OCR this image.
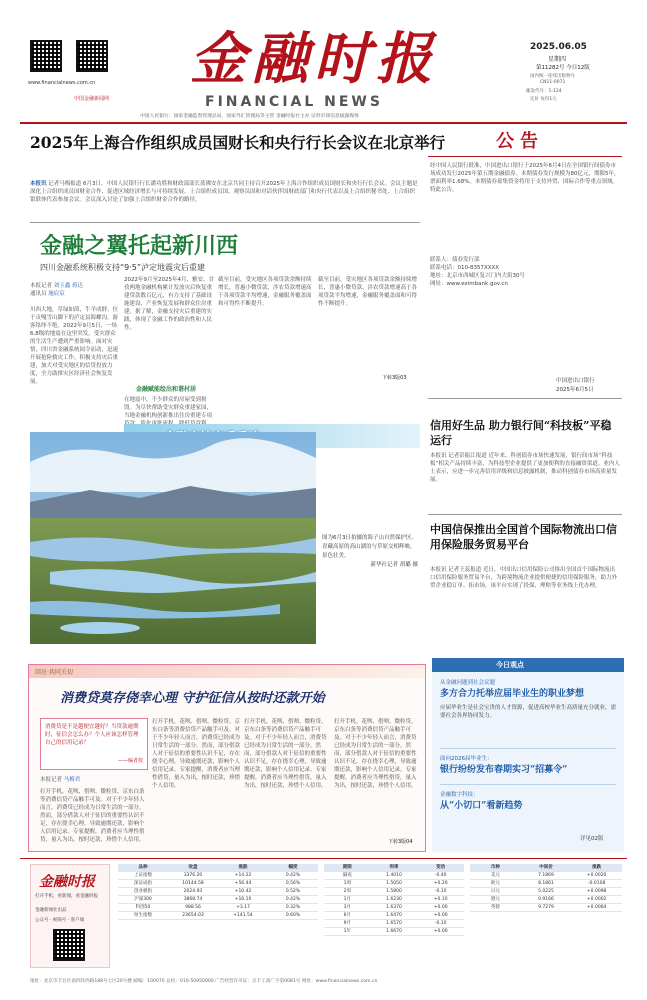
www.financialnews.com.cn
中国金融新闻网
金融时报
FINANCIAL NEWS
2025.06.05
星期四
第11282号 今日12版
国内统一连续出版物号
CN11-0071
邮发代号：1-124
定价 每份1元
中国人民银行、国家金融监督管理总局、国家外汇管理局等主管 金融时报社主办 证券市场信息披露媒体
2025年上海合作组织成员国财长和央行行长会议在北京举行
本报讯 记者马梅报道 6月3日，中国人民银行行长潘功胜和财政部部长蓝佛安在北京共同主持召开2025年上海合作组织成员国财长和央行行长会议。会议主题是深化上合组织成员国财金合作，促进区域经济增长与可持续发展。上合组织成员国、观察员国和对话伙伴国财政部门和央行代表以及上合组织秘书处、上合组织银联体代表参加会议。会议深入讨论了加强上合组织财金合作的路径。
金融之翼托起新川西
四川金融系统积极支持“9·5”泸定地震灾后重建
本报记者 刘玉鑫 蒋达
通讯员 施宸宸
川西大地，草绿如茵，牛羊成群。位于贡嘎雪山脚下的泸定县海螺沟，游客络绎不绝。2022年9月5日，一场6.8级的地震在这里突发，受灾群众的生活生产遭到严重影响。面对灾情，四川省金融系统闻令而动，迅速开展抢险救灾工作，积极支持灾后重建，加大对受灾地区的信贷投放力度，全力助推灾区经济社会恢复发展。
2022年9月至2025年4月，雅安、甘孜两地金融机构累计发放灾后恢复重建贷款数百亿元，有力支持了基础设施建设、产业恢复发展和群众住房重建。据了解，金融支持灾后重建的实践，体现了金融工作的政治性和人民性。
金融赋能绘出和谐村居
在地震中，不少群众的房屋受到损毁。为尽快帮助受灾群众重建家园，当地金融机构创新推出住房重建专项
截至目前，受灾地区各项贷款余额持续增长，普惠小微贷款、涉农贷款增速高于各项贷款平均增速，金融服务覆盖面和可得性不断提升。
截至目前，受灾地区各项贷款余额持续增长，普惠小微贷款、涉农贷款增速高于各项贷款平均增速，金融服务覆盖面和可得性不断提升。
下转3版03
图为6月3日拍摄的海子山自然保护区。青藏高原的高山湖泊与草原交相辉映，景色壮美。
新华社记者 胡璐 摄
公告
经中国人民银行批准，中国进出口银行于2025年6月4日在全国银行间债券市场成功发行2025年第五期金融债券。本期债券发行规模为80亿元，期限5年，票面利率1.68%。本期债券募集资金将用于支持外贸、国际合作等重点领域。特此公告。
联系人：债券发行部
联系电话：010-8357XXXX
地址：北京市西城区复兴门内大街30号
网址：www.eximbank.gov.cn
中国进出口银行
2025年6月5日
信用好生品 助力银行间“科技板”平稳运行
本报讯 记者彭振江报道 近年来，科创债券市场快速发展，银行间市场“科技板”相关产品持续丰富，为科技型企业提供了更加便利的直接融资渠道。业内人士表示，应进一步完善信用评级和信息披露机制，推动科创债券市场高质量发展。
中国信保推出全国首个国际物流出口信用保险服务贸易平台
本报讯 记者王蕊报道 近日，中国出口信用保险公司推出全国首个国际物流出口信用保险服务贸易平台，为跨境物流企业提供便捷的信用保险服务，助力外贸企业稳订单、拓市场。该平台实现了投保、理赔等业务线上化办理。
回应·共同关切
消费贷莫存侥幸心理 守护征信从按时还款开始
消费贷是不是越便宜越好？当贷款逾期时，征信会怎么办？个人应该怎样管理自己的信用记录？
——编者按
本报记者 马梅君
打开手机，花呗、借呗、微粒贷、京东白条等消费信贷产品触手可及。对于不少年轻人而言，消费贷已经成为日常生活的一部分。然而，部分借款人对于征信的重要性认识不足，存在侥幸心理，导致逾期还款，影响个人信用记录。专家提醒，消费者应当理性借贷，量入为出，按时还款，珍惜个人信用。
打开手机，花呗、借呗、微粒贷、京东白条等消费信贷产品触手可及。对于不少年轻人而言，消费贷已经成为日常生活的一部分。然而，部分借款人对于征信的重要性认识不足，存在侥幸心理，导致逾期还款，影响个人信用记录。专家提醒，消费者应当理性借贷，量入为出，按时还款，珍惜个人信用。
打开手机，花呗、借呗、微粒贷、京东白条等消费信贷产品触手可及。对于不少年轻人而言，消费贷已经成为日常生活的一部分。然而，部分借款人对于征信的重要性认识不足，存在侥幸心理，导致逾期还款，影响个人信用记录。专家提醒，消费者应当理性借贷，量入为出，按时还款，珍惜个人信用。
打开手机，花呗、借呗、微粒贷、京东白条等消费信贷产品触手可及。对于不少年轻人而言，消费贷已经成为日常生活的一部分。然而，部分借款人对于征信的重要性认识不足，存在侥幸心理，导致逾期还款，影响个人信用记录。专家提醒，消费者应当理性借贷，量入为出，按时还款，珍惜个人信用。
下转3版04
今日观点
从金融问题到社会议题
多方合力托举应届毕业生的职业梦想
应届毕业生是社会宝贵的人才资源，促进高校毕业生高质量充分就业，需要社会各界协同发力。
面向2026届毕业生：
银行纷纷发布春期实习“招募令”
金融数字科技：
从“小切口”看新趋势
详见02版
金融时报
打开手机，看新闻，看金融时报
金融新闻社出品
公众号 · 视频号 · 客户端
品种	收盘	涨跌	幅度
上证指数	3376.20	+14.22	0.42%
深证成指	10144.58	+56.44	0.56%
创业板指	2024.93	+10.42	0.52%
沪深300	3868.74	+16.10	0.42%
科创50	988.56	+3.17	0.32%
恒生指数	23654.03	+141.54	0.60%
期限	利率	变动
隔夜	1.4010	-0.40
1周	1.5050	+0.20
2周	1.5800	-0.10
1月	1.6230	+0.10
3月	1.6370	+0.00
6月	1.6470	+0.00
9月	1.6570	-0.10
1年	1.6670	+0.00
币种	中间价	涨跌
美元	7.1869	+0.0020
欧元	8.1861	-0.0108
日元	5.0225	+0.0098
港元	0.9166	+0.0002
英镑	9.7279	+0.0064
地址：北京市丰台区南四环西路188号七区20号楼 邮编：100070 总机：010-50950000 广告经营许可证：京丰工商广字第0081号 网址：www.financialnews.com.cn
